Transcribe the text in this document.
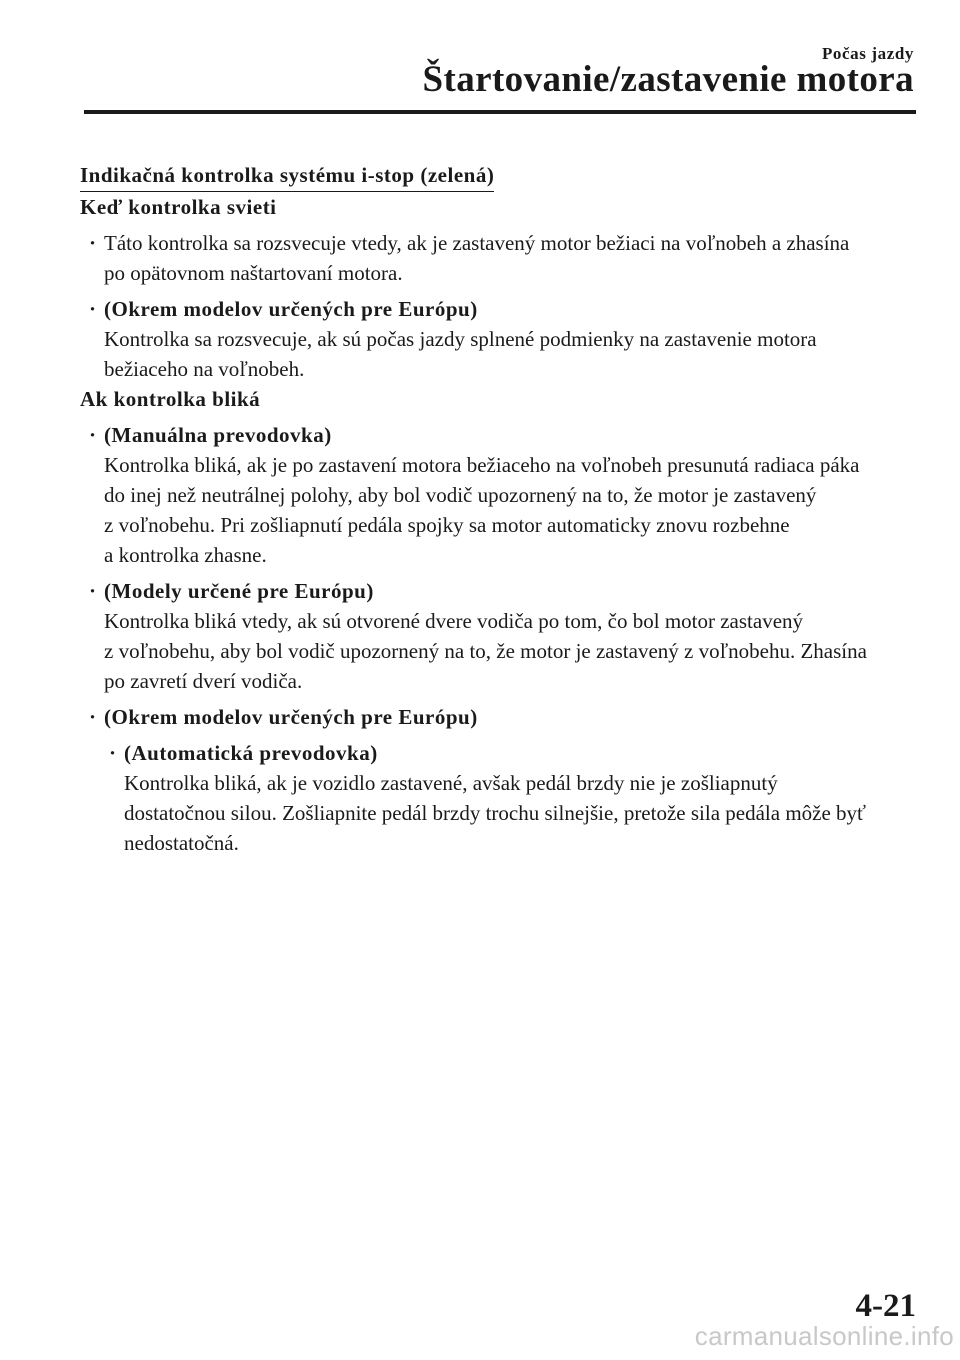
Počas jazdy
Štartovanie/zastavenie motora

Indikačná kontrolka systému i-stop (zelená)

Keď kontrolka svieti

· Táto kontrolka sa rozsvecuje vtedy, ak je zastavený motor bežiaci na voľnobeh a zhasína
po opätovnom naštartovaní motora.
· (Okrem modelov určených pre Európu)
Kontrolka sa rozsvecuje, ak sú počas jazdy splnené podmienky na zastavenie motora
bežiaceho na voľnobeh.

Ak kontrolka bliká

· (Manuálna prevodovka)
Kontrolka bliká, ak je po zastavení motora bežiaceho na voľnobeh presunutá radiaca páka
do inej než neutrálnej polohy, aby bol vodič upozornený na to, že motor je zastavený
z voľnobehu. Pri zošliapnutí pedála spojky sa motor automaticky znovu rozbehne
a kontrolka zhasne.
· (Modely určené pre Európu)
Kontrolka bliká vtedy, ak sú otvorené dvere vodiča po tom, čo bol motor zastavený
z voľnobehu, aby bol vodič upozornený na to, že motor je zastavený z voľnobehu. Zhasína
po zavretí dverí vodiča.
· (Okrem modelov určených pre Európu)
· (Automatická prevodovka)
Kontrolka bliká, ak je vozidlo zastavené, avšak pedál brzdy nie je zošliapnutý
dostatočnou silou. Zošliapnite pedál brzdy trochu silnejšie, pretože sila pedála môže byť
nedostatočná.
4-21
carmanualsonline.info
